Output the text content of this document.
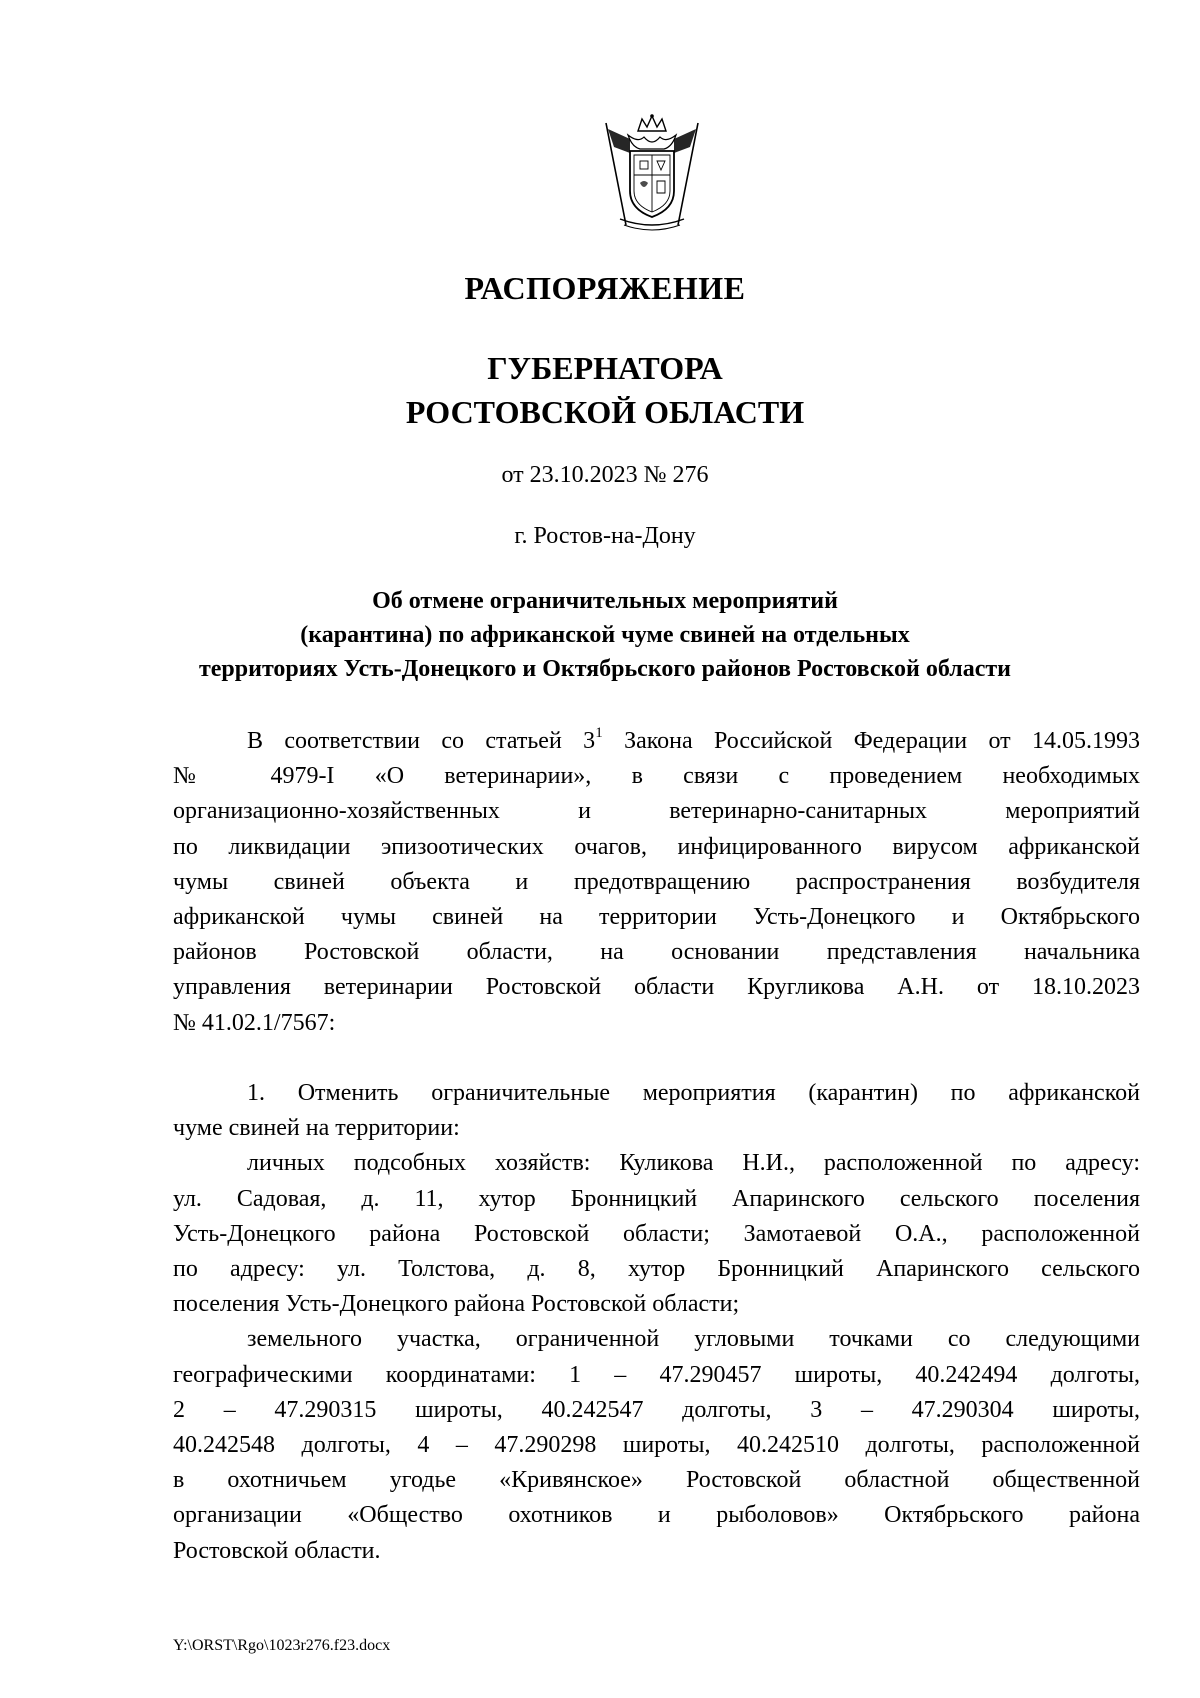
РАСПОРЯЖЕНИЕ
ГУБЕРНАТОРА
РОСТОВСКОЙ ОБЛАСТИ
от 23.10.2023 № 276
г. Ростов-на-Дону
Об отмене ограничительных мероприятий
(карантина) по африканской чуме свиней на отдельных
территориях Усть-Донецкого и Октябрьского районов Ростовской области
В соответствии со статьей $3^1$ Закона Российской Федерации от 14.05.1993
№ 4979-I «О ветеринарии», в связи с проведением необходимых
организационно-хозяйственных и ветеринарно-санитарных мероприятий
по ликвидации эпизоотических очагов, инфицированного вирусом африканской
чумы свиней объекта и предотвращению распространения возбудителя
африканской чумы свиней на территории Усть-Донецкого и Октябрьского
районов Ростовской области, на основании представления начальника
управления ветеринарии Ростовской области Кругликова А.Н. от 18.10.2023
№ 41.02.1/7567:
1. Отменить ограничительные мероприятия (карантин) по африканской
чуме свиней на территории:
личных подсобных хозяйств: Куликова Н.И., расположенной по адресу:
ул. Садовая, д. 11, хутор Бронницкий Апаринского сельского поселения
Усть-Донецкого района Ростовской области; Замотаевой О.А., расположенной
по адресу: ул. Толстова, д. 8, хутор Бронницкий Апаринского сельского
поселения Усть-Донецкого района Ростовской области;
земельного участка, ограниченной угловыми точками со следующими
географическими координатами: 1 – 47.290457 широты, 40.242494 долготы,
2 – 47.290315 широты, 40.242547 долготы, 3 – 47.290304 широты,
40.242548 долготы, 4 – 47.290298 широты, 40.242510 долготы, расположенной
в охотничьем угодье «Кривянское» Ростовской областной общественной
организации «Общество охотников и рыболовов» Октябрьского района
Ростовской области.
Y:\ORST\Rgo\1023r276.f23.docx
